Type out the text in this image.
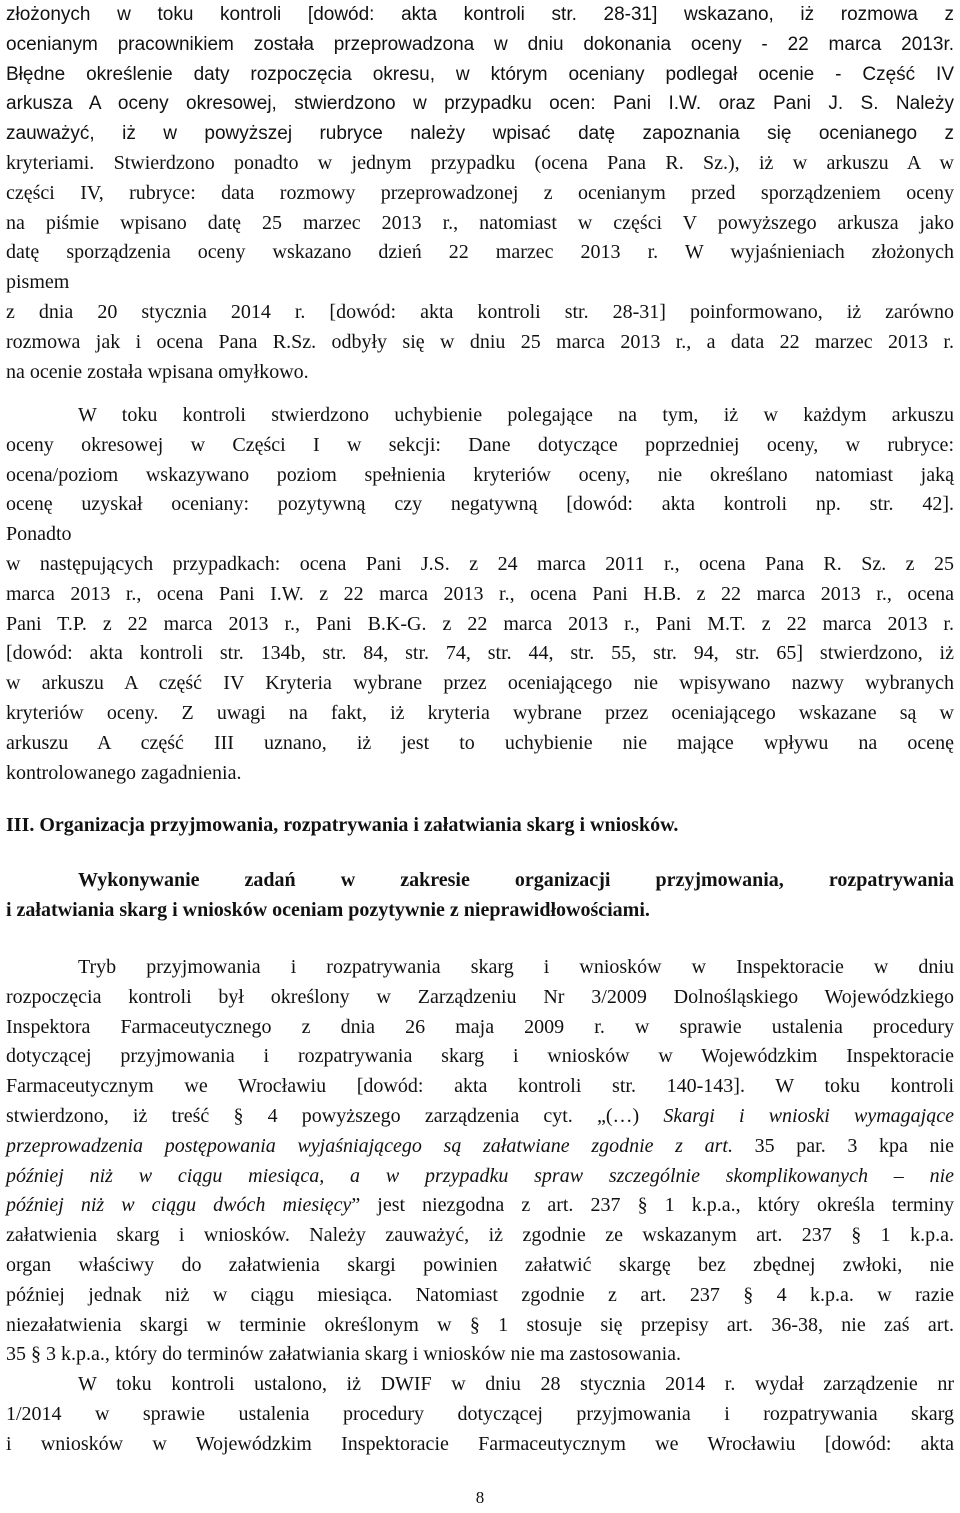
złożonych w toku kontroli [dowód: akta kontroli str. 28-31] wskazano, iż rozmowa z
ocenianym pracownikiem została przeprowadzona w dniu dokonania oceny - 22 marca 2013r.
Błędne określenie daty rozpoczęcia okresu, w którym oceniany podlegał ocenie - Część IV
arkusza A oceny okresowej, stwierdzono w przypadku ocen: Pani I.W. oraz Pani J. S. Należy
zauważyć, iż w powyższej rubryce należy wpisać datę zapoznania się ocenianego z
kryteriami. Stwierdzono ponadto w jednym przypadku (ocena Pana R. Sz.), iż w arkuszu A w
części IV, rubryce: data rozmowy przeprowadzonej z ocenianym przed sporządzeniem oceny
na piśmie wpisano datę 25 marzec 2013 r., natomiast w części V powyższego arkusza jako
datę sporządzenia oceny wskazano dzień 22 marzec 2013 r. W wyjaśnieniach złożonych
pismem
z dnia 20 stycznia 2014 r. [dowód: akta kontroli str. 28-31] poinformowano, iż zarówno
rozmowa jak i ocena Pana R.Sz. odbyły się w dniu 25 marca 2013 r., a data 22 marzec 2013 r.
na ocenie została wpisana omyłkowo.
W toku kontroli stwierdzono uchybienie polegające na tym, iż w każdym arkuszu
oceny okresowej w Części I w sekcji: Dane dotyczące poprzedniej oceny, w rubryce:
ocena/poziom wskazywano poziom spełnienia kryteriów oceny, nie określano natomiast jaką
ocenę uzyskał oceniany: pozytywną czy negatywną [dowód: akta kontroli np. str. 42].
Ponadto
w następujących przypadkach: ocena Pani J.S. z 24 marca 2011 r., ocena Pana R. Sz. z 25
marca 2013 r., ocena Pani I.W. z 22 marca 2013 r., ocena Pani H.B. z 22 marca 2013 r., ocena
Pani T.P. z 22 marca 2013 r., Pani B.K-G. z 22 marca 2013 r., Pani M.T. z 22 marca 2013 r.
[dowód: akta kontroli str. 134b, str. 84, str. 74, str. 44, str. 55, str. 94, str. 65] stwierdzono, iż
w arkuszu A część IV Kryteria wybrane przez oceniającego nie wpisywano nazwy wybranych
kryteriów oceny. Z uwagi na fakt, iż kryteria wybrane przez oceniającego wskazane są w
arkuszu A część III uznano, iż jest to uchybienie nie mające wpływu na ocenę
kontrolowanego zagadnienia.
III. Organizacja przyjmowania, rozpatrywania i załatwiania skarg i wniosków.
Wykonywanie zadań w zakresie organizacji przyjmowania, rozpatrywania
i załatwiania skarg i wniosków oceniam pozytywnie z nieprawidłowościami.
Tryb przyjmowania i rozpatrywania skarg i wniosków w Inspektoracie w dniu
rozpoczęcia kontroli był określony w Zarządzeniu Nr 3/2009 Dolnośląskiego Wojewódzkiego
Inspektora Farmaceutycznego z dnia 26 maja 2009 r. w sprawie ustalenia procedury
dotyczącej przyjmowania i rozpatrywania skarg i wniosków w Wojewódzkim Inspektoracie
Farmaceutycznym we Wrocławiu [dowód: akta kontroli str. 140-143]. W toku kontroli
stwierdzono, iż treść § 4 powyższego zarządzenia cyt. „(…) Skargi i wnioski wymagające
przeprowadzenia postępowania wyjaśniającego są załatwiane zgodnie z art. 35 par. 3 kpa nie
później niż w ciągu miesiąca, a w przypadku spraw szczególnie skomplikowanych – nie
później niż w ciągu dwóch miesięcy” jest niezgodna z art. 237 § 1 k.p.a., który określa terminy
załatwienia skarg i wniosków. Należy zauważyć, iż zgodnie ze wskazanym art. 237 § 1 k.p.a.
organ właściwy do załatwienia skargi powinien załatwić skargę bez zbędnej zwłoki, nie
później jednak niż w ciągu miesiąca. Natomiast zgodnie z art. 237 § 4 k.p.a. w razie
niezałatwienia skargi w terminie określonym w § 1 stosuje się przepisy art. 36-38, nie zaś art.
35 § 3 k.p.a., który do terminów załatwiania skarg i wniosków nie ma zastosowania.
W toku kontroli ustalono, iż DWIF w dniu 28 stycznia 2014 r. wydał zarządzenie nr
1/2014 w sprawie ustalenia procedury dotyczącej przyjmowania i rozpatrywania skarg
i wniosków w Wojewódzkim Inspektoracie Farmaceutycznym we Wrocławiu [dowód: akta
8
